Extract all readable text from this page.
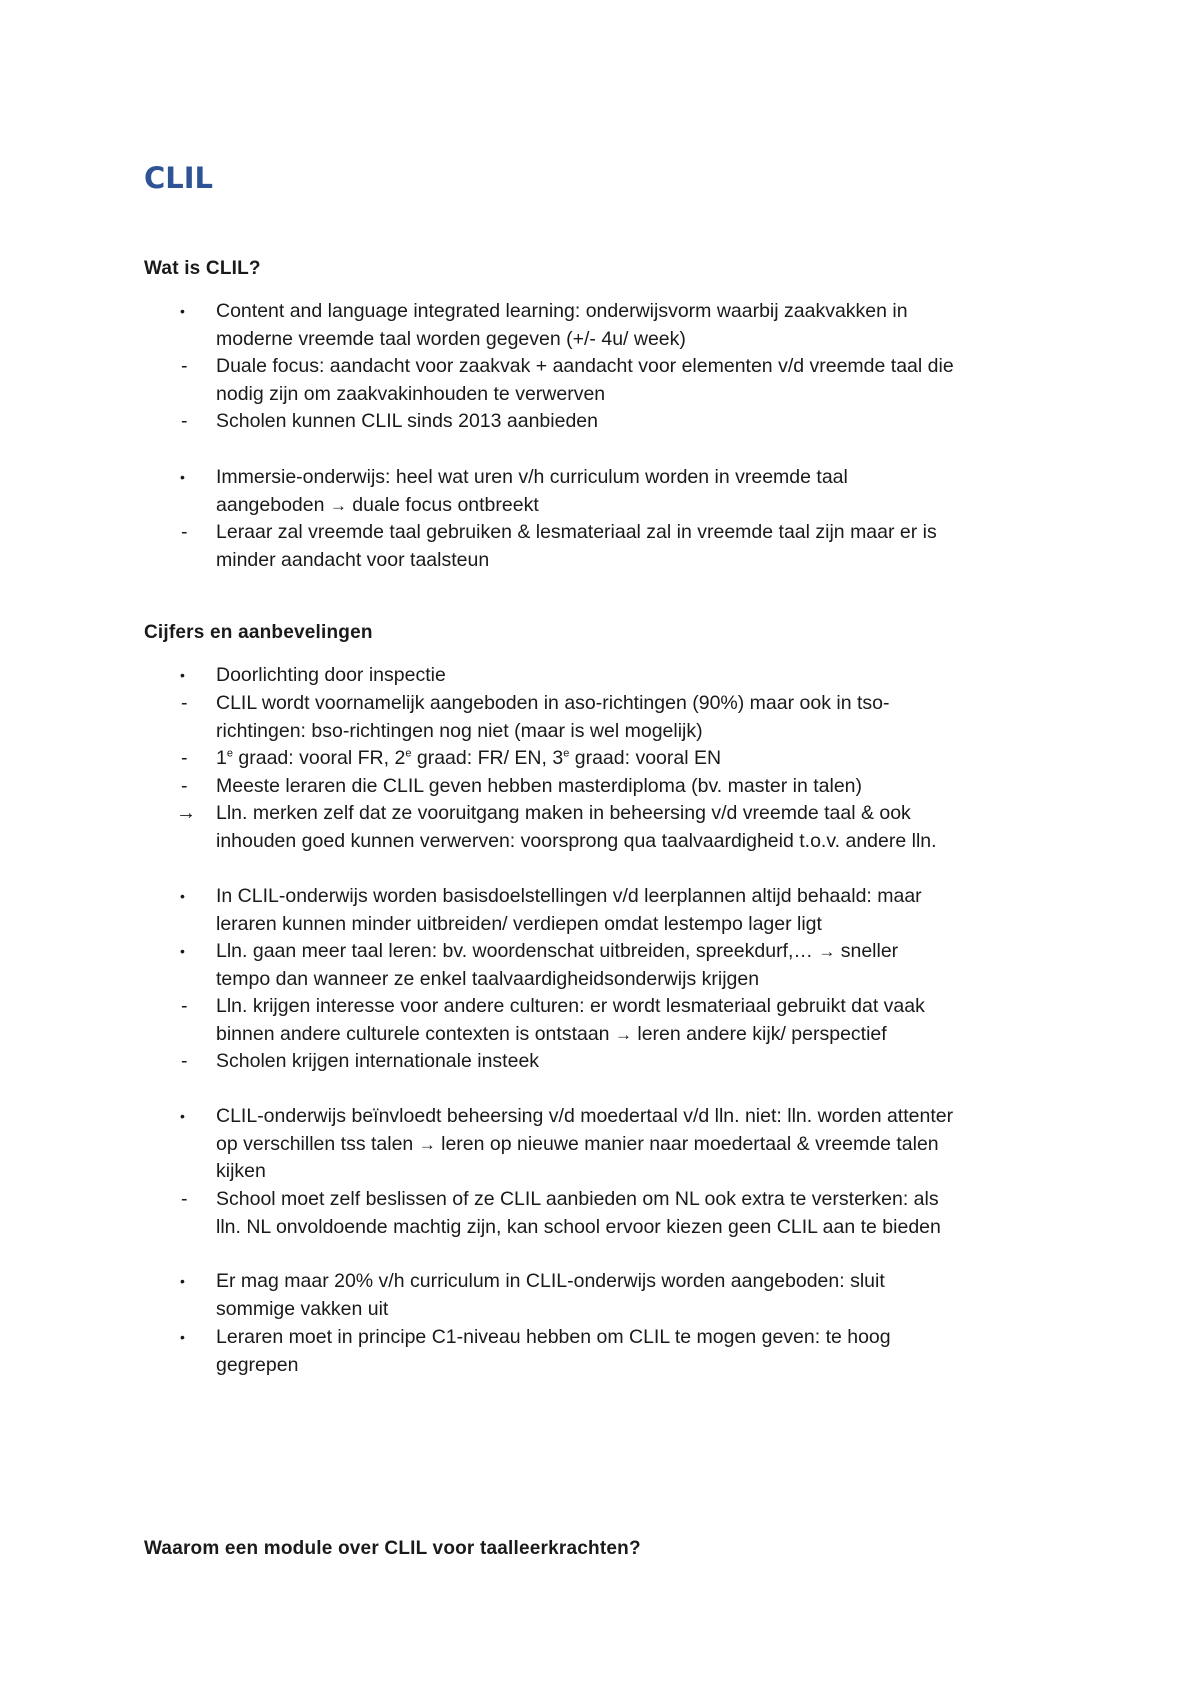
CLIL
Wat is CLIL?
•	Content and language integrated learning: onderwijsvorm waarbij zaakvakken in
moderne vreemde taal worden gegeven (+/- 4u/ week)
-	Duale focus: aandacht voor zaakvak + aandacht voor elementen v/d vreemde taal die
nodig zijn om zaakvakinhouden te verwerven
-	Scholen kunnen CLIL sinds 2013 aanbieden
•	Immersie-onderwijs: heel wat uren v/h curriculum worden in vreemde taal
aangeboden → duale focus ontbreekt
-	Leraar zal vreemde taal gebruiken & lesmateriaal zal in vreemde taal zijn maar er is
minder aandacht voor taalsteun
Cijfers en aanbevelingen
•	Doorlichting door inspectie
-	CLIL wordt voornamelijk aangeboden in aso-richtingen (90%) maar ook in tso-
richtingen: bso-richtingen nog niet (maar is wel mogelijk)
-	1e graad: vooral FR, 2e graad: FR/ EN, 3e graad: vooral EN
-	Meeste leraren die CLIL geven hebben masterdiploma (bv. master in talen)
→	Lln. merken zelf dat ze vooruitgang maken in beheersing v/d vreemde taal & ook
inhouden goed kunnen verwerven: voorsprong qua taalvaardigheid t.o.v. andere lln.
•	In CLIL-onderwijs worden basisdoelstellingen v/d leerplannen altijd behaald: maar
leraren kunnen minder uitbreiden/ verdiepen omdat lestempo lager ligt
•	Lln. gaan meer taal leren: bv. woordenschat uitbreiden, spreekdurf,… → sneller
tempo dan wanneer ze enkel taalvaardigheidsonderwijs krijgen
-	Lln. krijgen interesse voor andere culturen: er wordt lesmateriaal gebruikt dat vaak
binnen andere culturele contexten is ontstaan → leren andere kijk/ perspectief
-	Scholen krijgen internationale insteek
•	CLIL-onderwijs beïnvloedt beheersing v/d moedertaal v/d lln. niet: lln. worden attenter
op verschillen tss talen → leren op nieuwe manier naar moedertaal & vreemde talen
kijken
-	School moet zelf beslissen of ze CLIL aanbieden om NL ook extra te versterken: als
lln. NL onvoldoende machtig zijn, kan school ervoor kiezen geen CLIL aan te bieden
•	Er mag maar 20% v/h curriculum in CLIL-onderwijs worden aangeboden: sluit
sommige vakken uit
•	Leraren moet in principe C1-niveau hebben om CLIL te mogen geven: te hoog
gegrepen
Waarom een module over CLIL voor taalleerkrachten?
